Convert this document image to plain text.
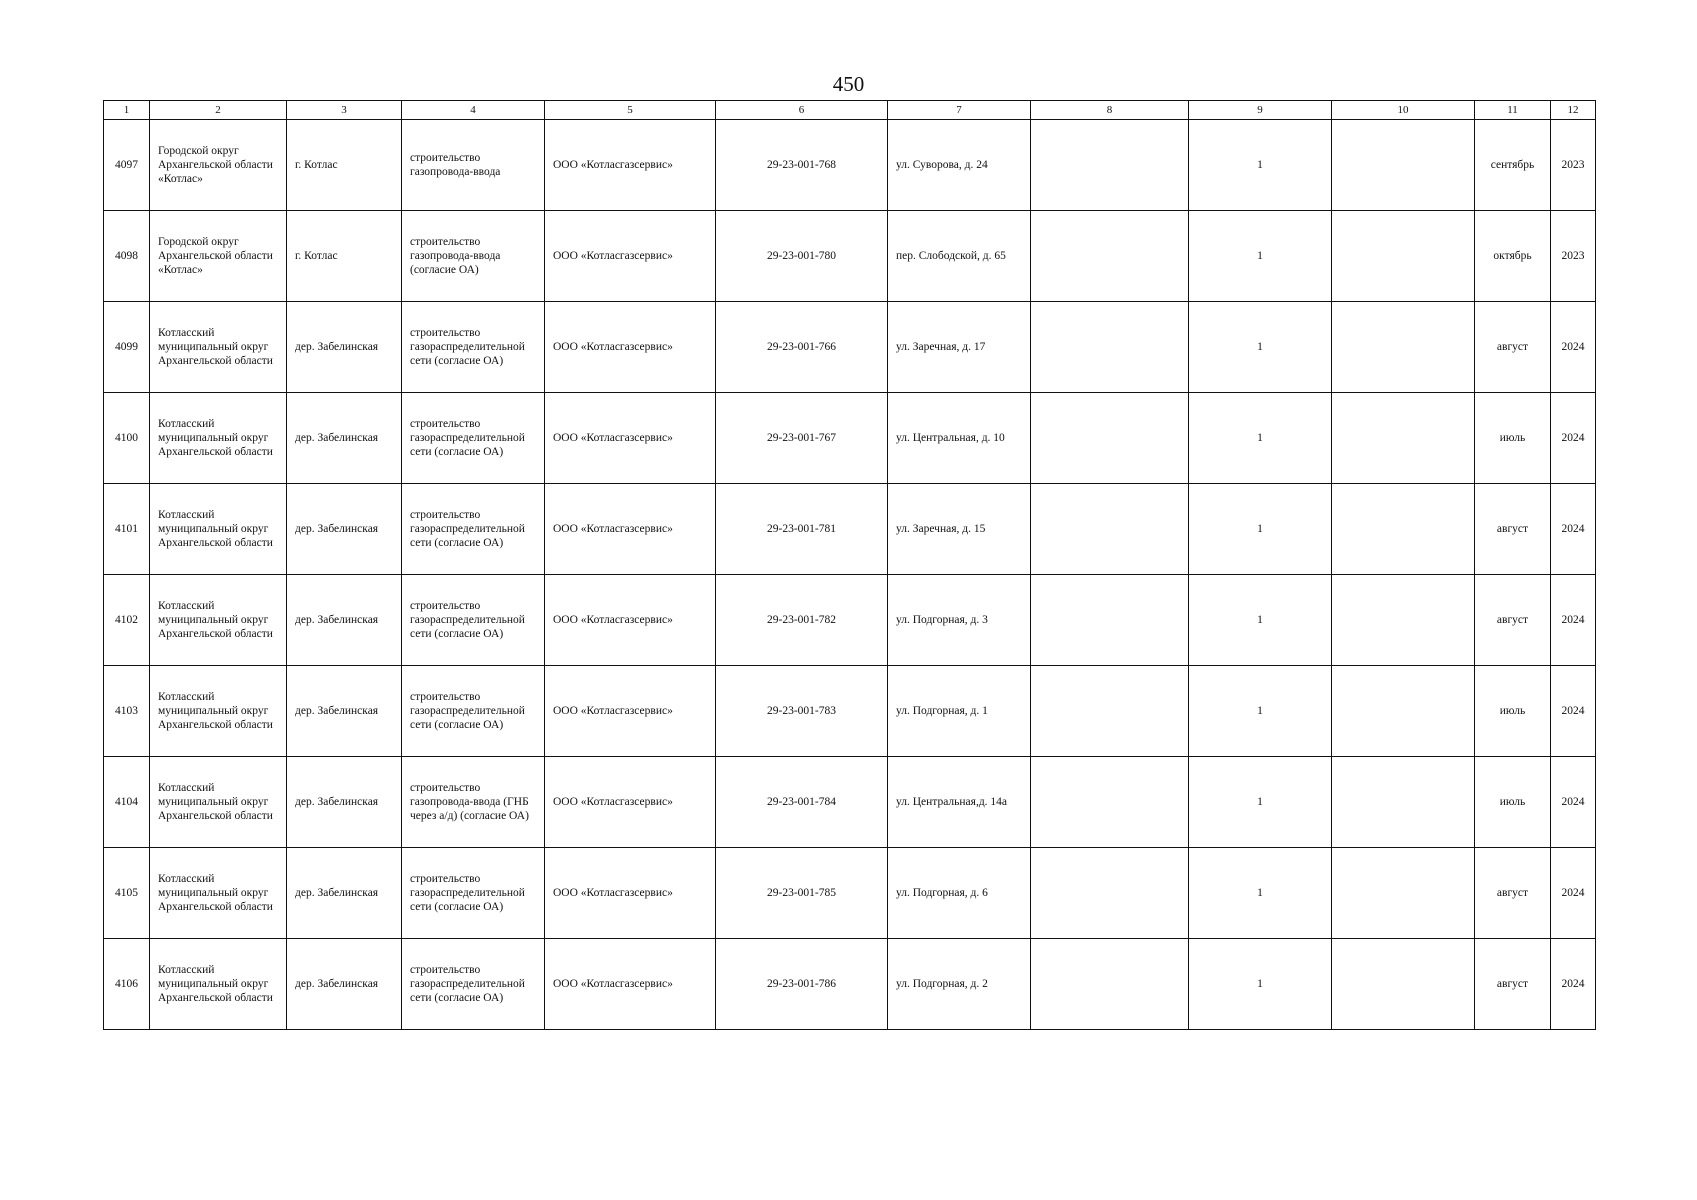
450
1	2	3	4	5	6	7	8	9	10	11	12
4097	Городской округ Архангельской области «Котлас»	г. Котлас	строительство газопровода-ввода	ООО «Котласгазсервис»	29-23-001-768	ул. Суворова, д. 24		1		сентябрь	2023
4098	Городской округ Архангельской области «Котлас»	г. Котлас	строительство газопровода-ввода (согласие ОА)	ООО «Котласгазсервис»	29-23-001-780	пер. Слободской, д. 65		1		октябрь	2023
4099	Котласский муниципальный округ Архангельской области	дер. Забелинская	строительство газораспределительной сети (согласие ОА)	ООО «Котласгазсервис»	29-23-001-766	ул. Заречная, д. 17		1		август	2024
4100	Котласский муниципальный округ Архангельской области	дер. Забелинская	строительство газораспределительной сети (согласие ОА)	ООО «Котласгазсервис»	29-23-001-767	ул. Центральная, д. 10		1		июль	2024
4101	Котласский муниципальный округ Архангельской области	дер. Забелинская	строительство газораспределительной сети (согласие ОА)	ООО «Котласгазсервис»	29-23-001-781	ул. Заречная, д. 15		1		август	2024
4102	Котласский муниципальный округ Архангельской области	дер. Забелинская	строительство газораспределительной сети (согласие ОА)	ООО «Котласгазсервис»	29-23-001-782	ул. Подгорная, д. 3		1		август	2024
4103	Котласский муниципальный округ Архангельской области	дер. Забелинская	строительство газораспределительной сети (согласие ОА)	ООО «Котласгазсервис»	29-23-001-783	ул. Подгорная, д. 1		1		июль	2024
4104	Котласский муниципальный округ Архангельской области	дер. Забелинская	строительство газопровода-ввода (ГНБ через а/д) (согласие ОА)	ООО «Котласгазсервис»	29-23-001-784	ул. Центральная,д. 14а		1		июль	2024
4105	Котласский муниципальный округ Архангельской области	дер. Забелинская	строительство газораспределительной сети (согласие ОА)	ООО «Котласгазсервис»	29-23-001-785	ул. Подгорная, д. 6		1		август	2024
4106	Котласский муниципальный округ Архангельской области	дер. Забелинская	строительство газораспределительной сети (согласие ОА)	ООО «Котласгазсервис»	29-23-001-786	ул. Подгорная, д. 2		1		август	2024
